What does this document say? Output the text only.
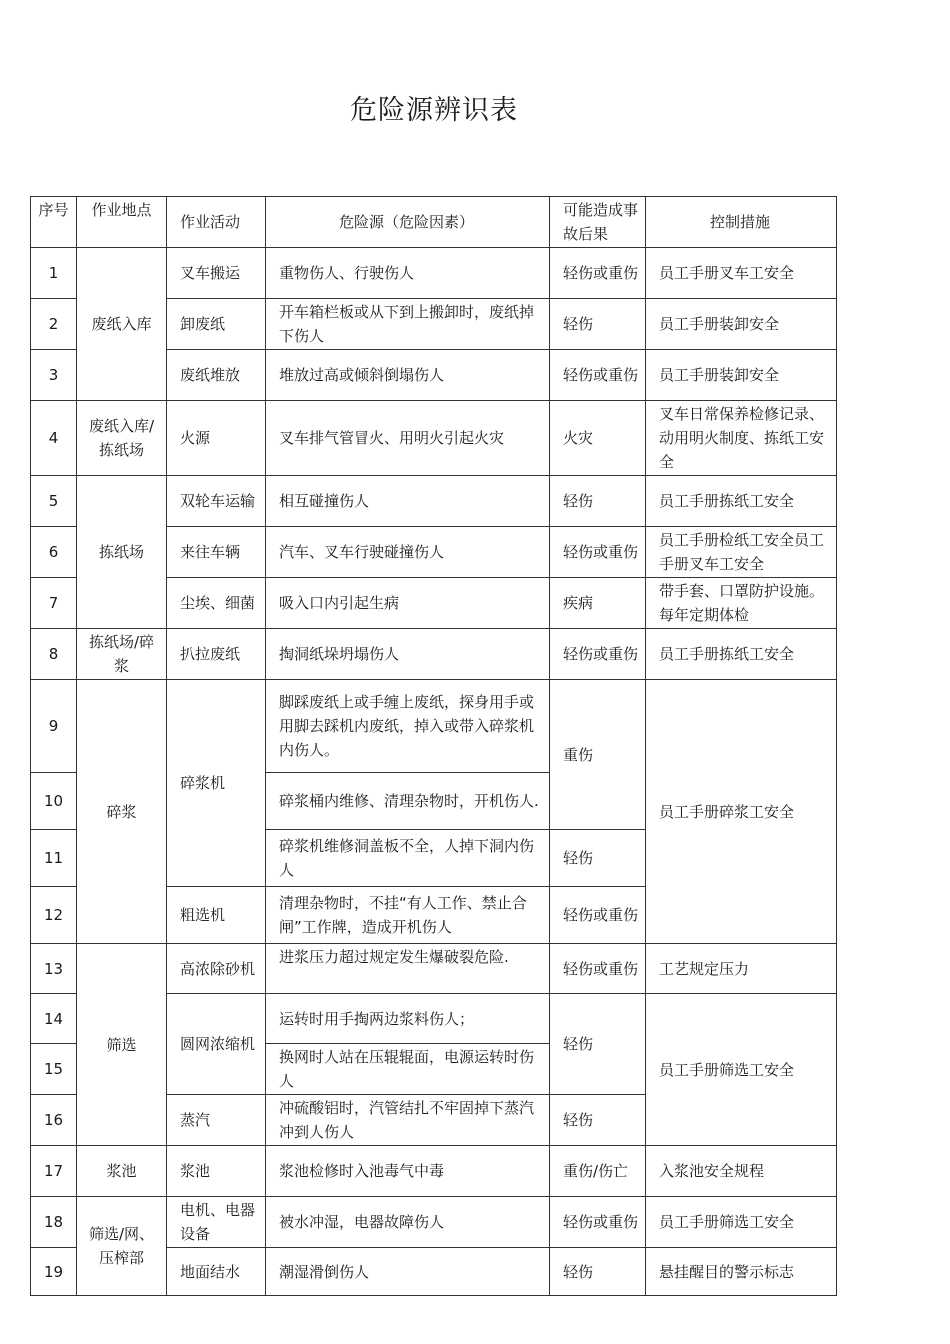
危险源辨识表
序号	作业地点	作业活动	危险源（危险因素）	可能造成事故后果	控制措施
1	废纸入库	叉车搬运	重物伤人、行驶伤人	轻伤或重伤	员工手册叉车工安全
2		卸废纸	开车箱栏板或从下到上搬卸时，废纸掉下伤人	轻伤	员工手册装卸安全
3		废纸堆放	堆放过高或倾斜倒塌伤人	轻伤或重伤	员工手册装卸安全
4	废纸入库/拣纸场	火源	叉车排气管冒火、用明火引起火灾	火灾	叉车日常保养检修记录、动用明火制度、拣纸工安全
5	拣纸场	双轮车运输	相互碰撞伤人	轻伤	员工手册拣纸工安全
6		来往车辆	汽车、叉车行驶碰撞伤人	轻伤或重伤	员工手册检纸工安全员工手册叉车工安全
7		尘埃、细菌	吸入口内引起生病	疾病	带手套、口罩防护设施。每年定期体检
8	拣纸场/碎浆	扒拉废纸	掏洞纸垛坍塌伤人	轻伤或重伤	员工手册拣纸工安全
9	碎浆	碎浆机	脚踩废纸上或手缠上废纸，探身用手或用脚去踩机内废纸，掉入或带入碎浆机内伤人。	重伤	员工手册碎浆工安全
10			碎浆桶内维修、清理杂物时，开机伤人.		
11			碎浆机维修洞盖板不全，人掉下洞内伤人	轻伤	
12		粗选机	清理杂物时，不挂“有人工作、禁止合闸”工作牌，造成开机伤人	轻伤或重伤	
13	筛选	高浓除砂机	进浆压力超过规定发生爆破裂危险.	轻伤或重伤	工艺规定压力
14		圆网浓缩机	运转时用手掏两边浆料伤人；	轻伤	员工手册筛选工安全
15			换网时人站在压辊辊面，电源运转时伤人		
16		蒸汽	冲硫酸铝时，汽管结扎不牢固掉下蒸汽冲到人伤人	轻伤	
17	浆池	浆池	浆池检修时入池毒气中毒	重伤/伤亡	入浆池安全规程
18	筛选/网、压榨部	电机、电器设备	被水冲湿，电器故障伤人	轻伤或重伤	员工手册筛选工安全
19		地面结水	潮湿滑倒伤人	轻伤	悬挂醒目的警示标志
